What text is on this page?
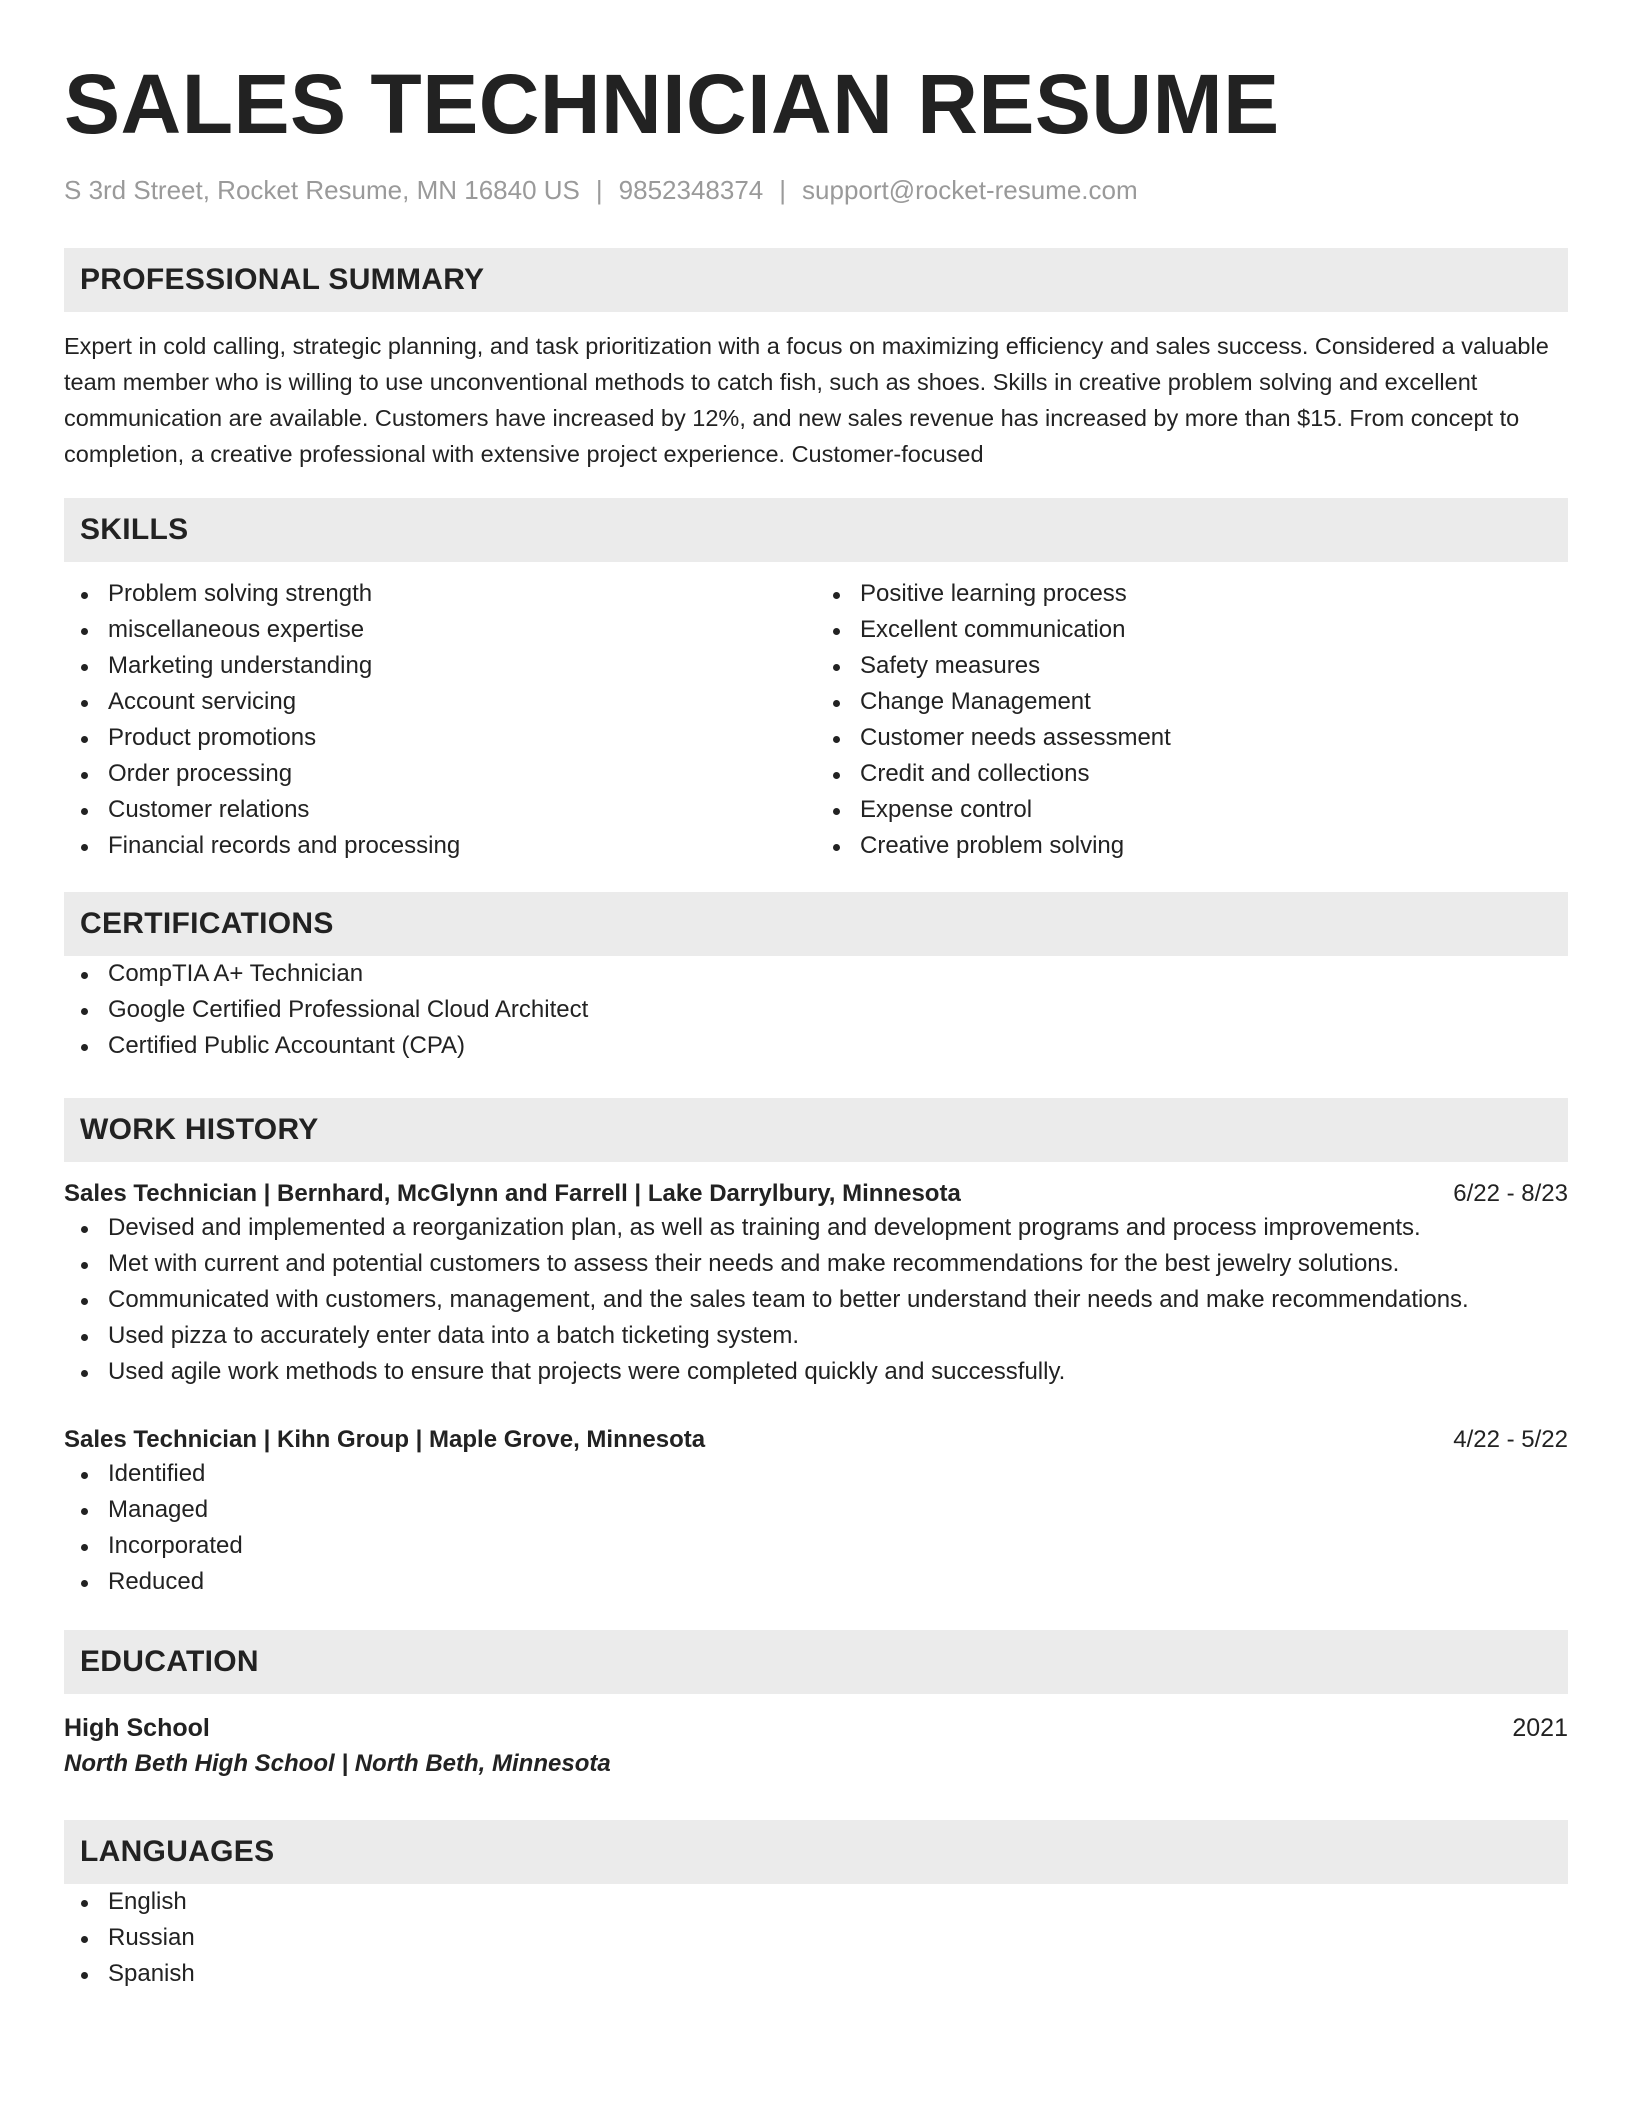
SALES TECHNICIAN RESUME
S 3rd Street, Rocket Resume, MN 16840 US | 9852348374 | support@rocket-resume.com
PROFESSIONAL SUMMARY

Expert in cold calling, strategic planning, and task prioritization with a focus on maximizing efficiency and sales success. Considered a valuable team member who is willing to use unconventional methods to catch fish, such as shoes. Skills in creative problem solving and excellent communication are available. Customers have increased by 12%, and new sales revenue has increased by more than $15. From concept to completion, a creative professional with extensive project experience. Customer-focused

SKILLS
Problem solving strength
miscellaneous expertise
Marketing understanding
Account servicing
Product promotions
Order processing
Customer relations
Financial records and processing
Positive learning process
Excellent communication
Safety measures
Change Management
Customer needs assessment
Credit and collections
Expense control
Creative problem solving
CERTIFICATIONS
CompTIA A+ Technician
Google Certified Professional Cloud Architect
Certified Public Accountant (CPA)
WORK HISTORY
Sales Technician | Bernhard, McGlynn and Farrell | Lake Darrylbury, Minnesota	6/22 - 8/23
Devised and implemented a reorganization plan, as well as training and development programs and process improvements.
Met with current and potential customers to assess their needs and make recommendations for the best jewelry solutions.
Communicated with customers, management, and the sales team to better understand their needs and make recommendations.
Used pizza to accurately enter data into a batch ticketing system.
Used agile work methods to ensure that projects were completed quickly and successfully.
Sales Technician | Kihn Group | Maple Grove, Minnesota	4/22 - 5/22
Identified
Managed
Incorporated
Reduced
EDUCATION
High School	2021
North Beth High School | North Beth, Minnesota
LANGUAGES
English
Russian
Spanish
